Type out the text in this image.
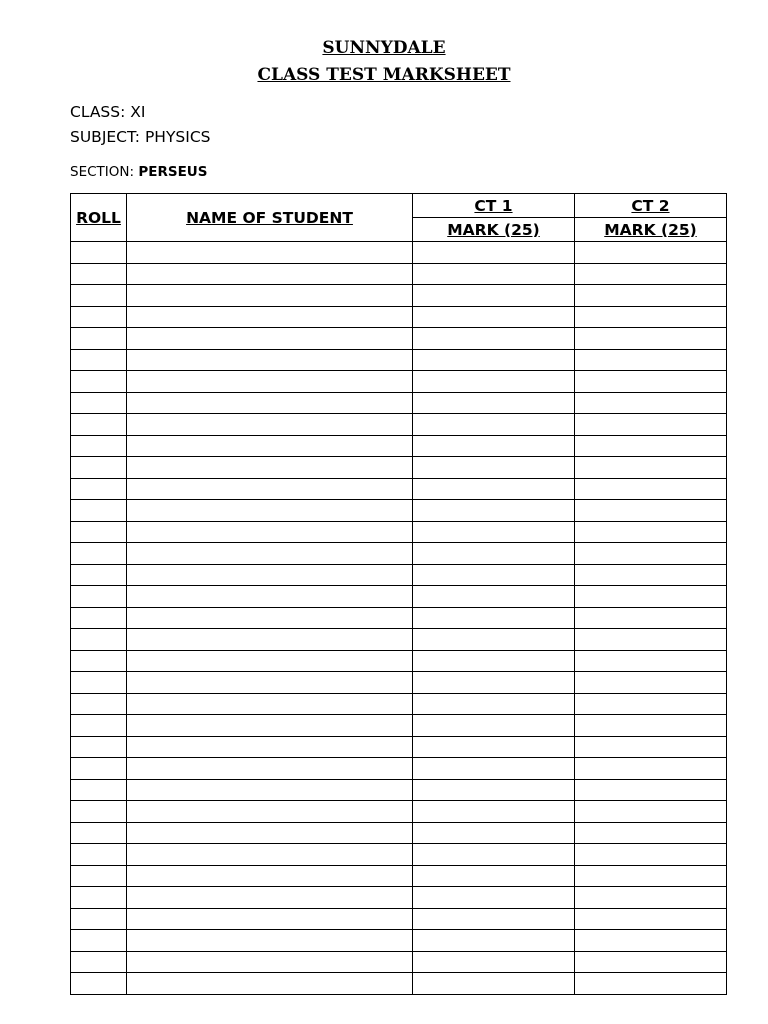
SUNNYDALE
CLASS TEST MARKSHEET
CLASS: XI
SUBJECT: PHYSICS
SECTION: PERSEUS
ROLL	NAME OF STUDENT	CT 1	CT 2
		MARK (25)	MARK (25)
